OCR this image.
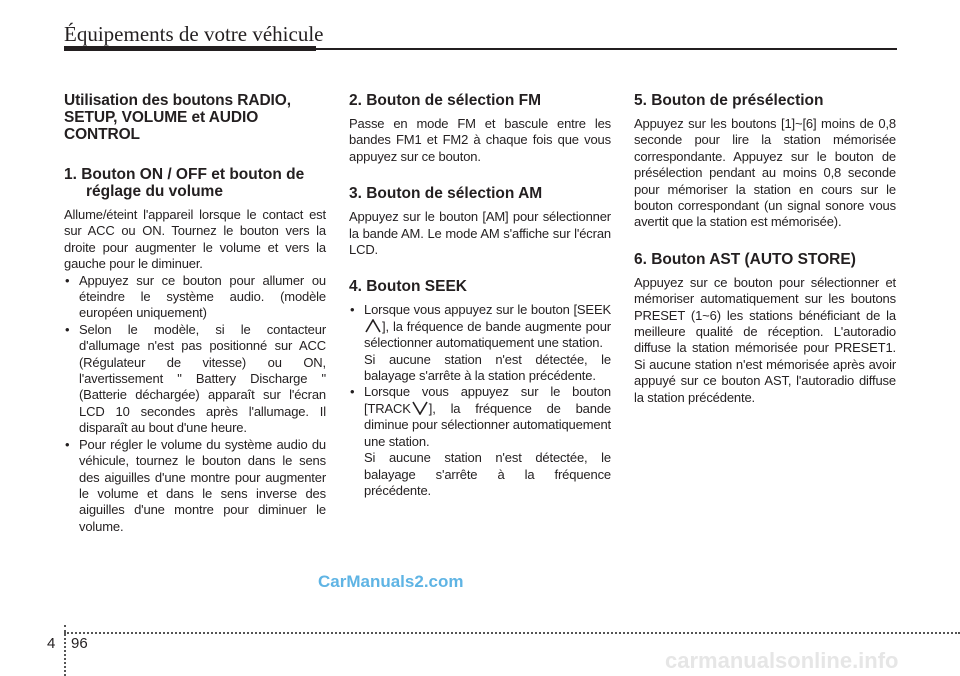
Équipements de votre véhicule
Utilisation des boutons RADIO, SETUP, VOLUME et AUDIO CONTROL
1. Bouton ON / OFF et bouton de réglage du volume

Allume/éteint l'appareil lorsque le contact est sur ACC ou ON. Tournez le bouton vers la droite pour augmenter le volume et vers la gauche pour le diminuer.

• Appuyez sur ce bouton pour allumer ou éteindre le système audio. (modèle européen uniquement)
• Selon le modèle, si le contacteur d'allumage n'est pas positionné sur ACC (Régulateur de vitesse) ou ON, l'avertissement " Battery Discharge " (Batterie déchargée) apparaît sur l'écran LCD 10 secondes après l'allumage. Il disparaît au bout d'une heure.
• Pour régler le volume du système audio du véhicule, tournez le bouton dans le sens des aiguilles d'une montre pour augmenter le volume et dans le sens inverse des aiguilles d'une montre pour diminuer le volume.
2. Bouton de sélection FM

Passe en mode FM et bascule entre les bandes FM1 et FM2 à chaque fois que vous appuyez sur ce bouton.

3. Bouton de sélection AM

Appuyez sur le bouton [AM] pour sélectionner la bande AM. Le mode AM s'affiche sur l'écran LCD.

4. Bouton SEEK
• Lorsque vous appuyez sur le bouton [SEEK], la fréquence de bande augmente pour sélectionner automatiquement une station.
Si aucune station n'est détectée, le balayage s'arrête à la station précédente.
• Lorsque vous appuyez sur le bouton [TRACK ], la fréquence de bande diminue pour sélectionner automatiquement une station.
Si aucune station n'est détectée, le balayage s'arrête à la fréquence précédente.
5. Bouton de présélection

Appuyez sur les boutons [1]~[6] moins de 0,8 seconde pour lire la station mémorisée correspondante. Appuyez sur le bouton de présélection pendant au moins 0,8 seconde pour mémoriser la station en cours sur le bouton correspondant (un signal sonore vous avertit que la station est mémorisée).

6. Bouton AST (AUTO STORE)

Appuyez sur ce bouton pour sélectionner et mémoriser automatiquement sur les boutons PRESET (1~6) les stations bénéficiant de la meilleure qualité de réception. L'autoradio diffuse la station mémorisée pour PRESET1. Si aucune station n'est mémorisée après avoir appuyé sur ce bouton AST, l'autoradio diffuse la station précédente.

CarManuals2.com
4 96
carmanualsonline.info
